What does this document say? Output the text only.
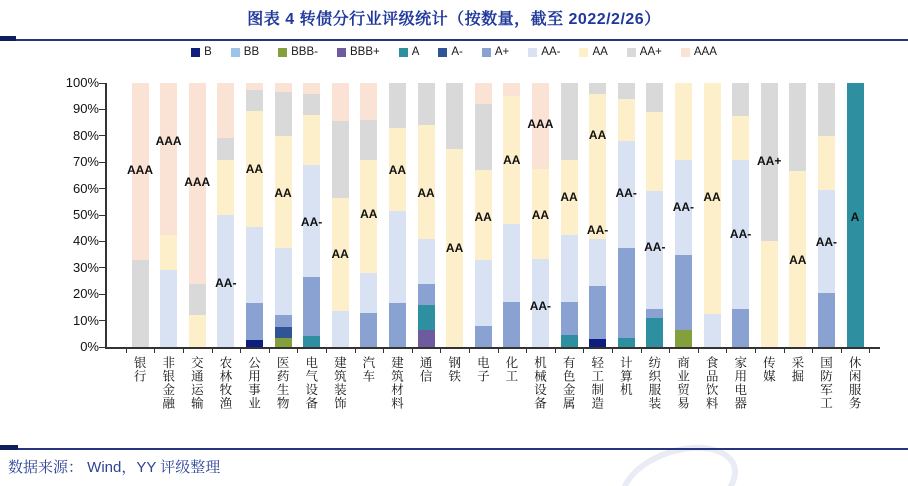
图表 4 转债分行业评级统计（按数量，截至 2022/2/26）
B	BB	BBB-	BBB+	A	A-	A+	AA-	AA	AA+	AAA
100%
90%
80%
70%
60%
50%
40%
30%
20%
10%
0%
AAA
银行
AAA
非银金融
AAA
交通运输
AA-
农林牧渔
AA
公用事业
AA
医药生物
AA-
电气设备
AA
建筑装饰
AA
汽车
AA
建筑材料
AA
通信
AA
钢铁
AA
电子
AA
化工
AA-
AA
AAA
机械设备
AA
有色金属
AA-
AA
轻工制造
AA-
计算机
AA-
纺织服装
AA-
商业贸易
AA
食品饮料
AA-
家用电器
AA+
传媒
AA
采掘
AA-
国防军工
A
休闲服务
数据来源： Wind，YY 评级整理
